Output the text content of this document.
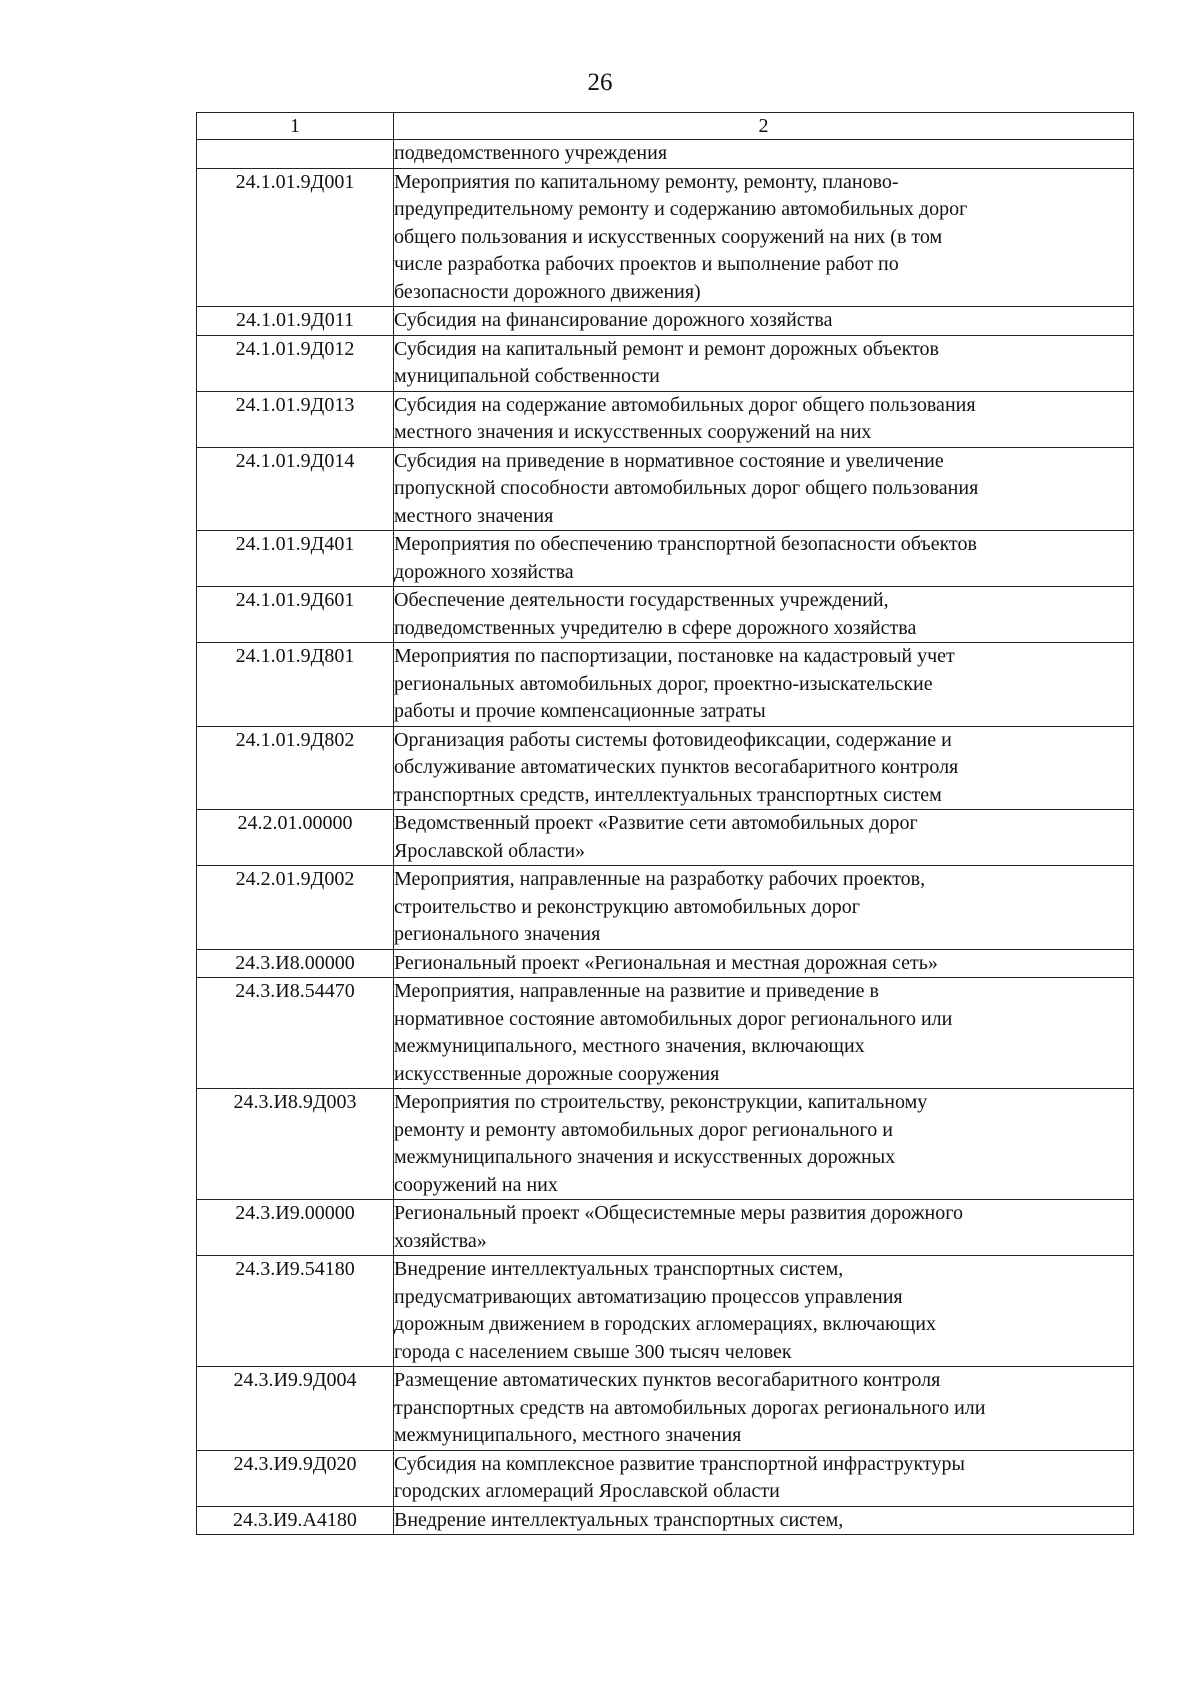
26
1	2

	подведомственного учреждения

24.1.01.9Д001	Мероприятия по капитальному ремонту, ремонту, планово-
предупредительному ремонту и содержанию автомобильных дорог
общего пользования и искусственных сооружений на них (в том
числе разработка рабочих проектов и выполнение работ по
безопасности дорожного движения)

24.1.01.9Д011	Субсидия на финансирование дорожного хозяйства

24.1.01.9Д012	Субсидия на капитальный ремонт и ремонт дорожных объектов
муниципальной собственности

24.1.01.9Д013	Субсидия на содержание автомобильных дорог общего пользования
местного значения и искусственных сооружений на них

24.1.01.9Д014	Субсидия на приведение в нормативное состояние и увеличение
пропускной способности автомобильных дорог общего пользования
местного значения

24.1.01.9Д401	Мероприятия по обеспечению транспортной безопасности объектов
дорожного хозяйства

24.1.01.9Д601	Обеспечение деятельности государственных учреждений,
подведомственных учредителю в сфере дорожного хозяйства

24.1.01.9Д801	Мероприятия по паспортизации, постановке на кадастровый учет
региональных автомобильных дорог, проектно-изыскательские
работы и прочие компенсационные затраты

24.1.01.9Д802	Организация работы системы фотовидеофиксации, содержание и
обслуживание автоматических пунктов весогабаритного контроля
транспортных средств, интеллектуальных транспортных систем

24.2.01.00000	Ведомственный проект «Развитие сети автомобильных дорог
Ярославской области»

24.2.01.9Д002	Мероприятия, направленные на разработку рабочих проектов,
строительство и реконструкцию автомобильных дорог
регионального значения

24.3.И8.00000	Региональный проект «Региональная и местная дорожная сеть»

24.3.И8.54470	Мероприятия, направленные на развитие и приведение в
нормативное состояние автомобильных дорог регионального или
межмуниципального, местного значения, включающих
искусственные дорожные сооружения

24.3.И8.9Д003	Мероприятия по строительству, реконструкции, капитальному
ремонту и ремонту автомобильных дорог регионального и
межмуниципального значения и искусственных дорожных
сооружений на них

24.3.И9.00000	Региональный проект «Общесистемные меры развития дорожного
хозяйства»

24.3.И9.54180	Внедрение интеллектуальных транспортных систем,
предусматривающих автоматизацию процессов управления
дорожным движением в городских агломерациях, включающих
города с населением свыше 300 тысяч человек

24.3.И9.9Д004	Размещение автоматических пунктов весогабаритного контроля
транспортных средств на автомобильных дорогах регионального или
межмуниципального, местного значения

24.3.И9.9Д020	Субсидия на комплексное развитие транспортной инфраструктуры
городских агломераций Ярославской области

24.3.И9.А4180	Внедрение интеллектуальных транспортных систем,
